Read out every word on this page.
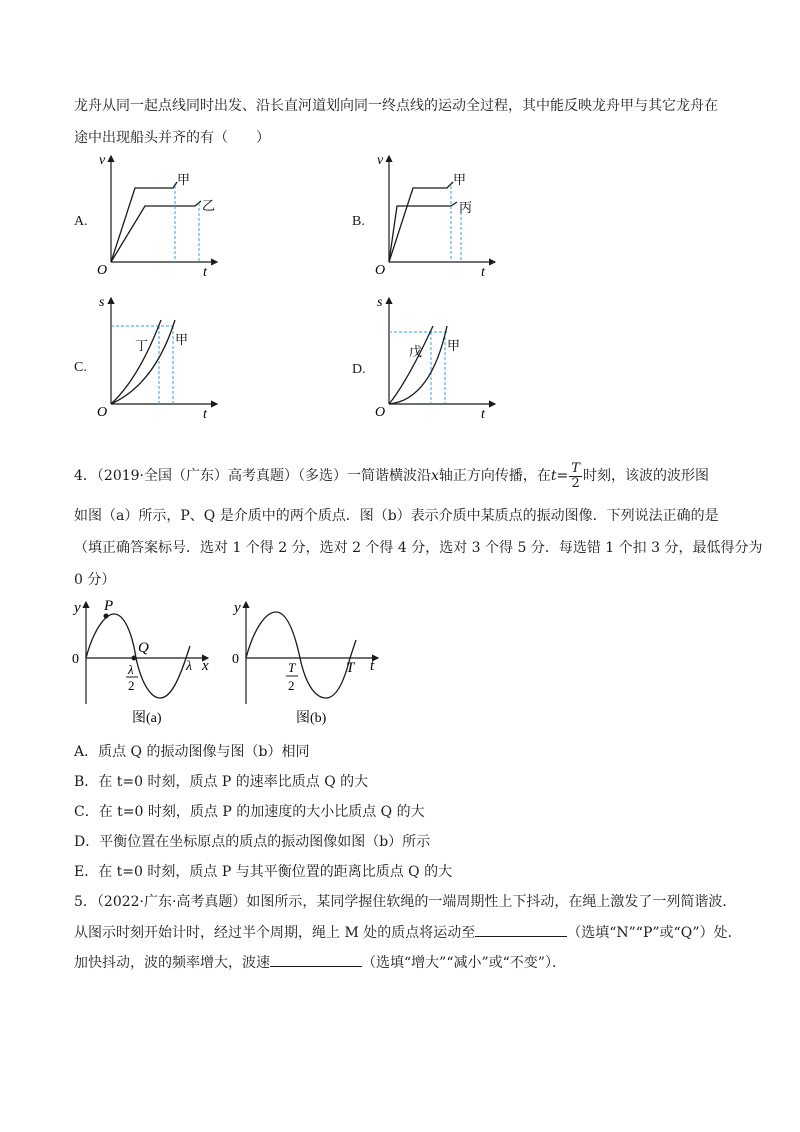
龙舟从同一起点线同时出发、沿长直河道划向同一终点线的运动全过程，其中能反映龙舟甲与其它龙舟在
途中出现船头并齐的有（　　）
A.	B.
C.	D.
v
t
O
甲
乙
v
t
O
甲
丙
s
t
O
丁 甲
s
t
O
戊 甲
4．（2019·全国（广东）高考真题）（多选）一简谐横波沿x轴正方向传播，在$t= \frac{T}{2}$ 时刻，该波的波形图
如图（a）所示，P、Q 是介质中的两个质点．图（b）表示介质中某质点的振动图像．下列说法正确的是
（填正确答案标号．选对 1 个得 2 分，选对 2 个得 4 分，选对 3 个得 5 分．每选错 1 个扣 3 分，最低得分为
0 分）
y P
Q
0	x
λ
λ
2
图(a)
y
0	t
T
T
2
图(b)
A．质点 Q 的振动图像与图（b）相同
B．在 t=0 时刻，质点 P 的速率比质点 Q 的大
C．在 t=0 时刻，质点 P 的加速度的大小比质点 Q 的大
D．平衡位置在坐标原点的质点的振动图像如图（b）所示
E．在 t=0 时刻，质点 P 与其平衡位置的距离比质点 Q 的大
5．（2022·广东·高考真题）如图所示，某同学握住软绳的一端周期性上下抖动，在绳上激发了一列简谐波．
从图示时刻开始计时，经过半个周期，绳上 M 处的质点将运动至	（选填“N”“P”或“Q”）处．
加快抖动，波的频率增大，波速	（选填“增大”“减小”或“不变”）．
